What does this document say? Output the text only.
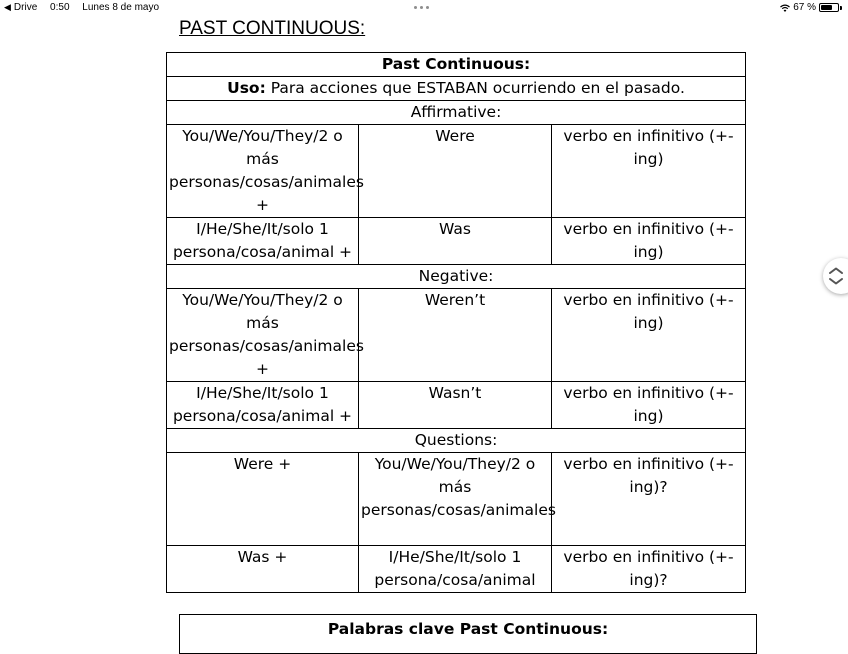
◀ Drive 0:50 Lunes 8 de mayo	67 %
PAST CONTINUOUS:
Past Continuous:		
Uso: Para acciones que ESTABAN ocurriendo en el pasado.		
Affirmative:		
You/We/You/They/2 o más personas/cosas/animales +	Were	verbo en infinitivo (+-ing)
I/He/She/It/solo 1 persona/cosa/animal +	Was	verbo en infinitivo (+-ing)
Negative:		
You/We/You/They/2 o más personas/cosas/animales +	Weren’t	verbo en infinitivo (+-ing)
I/He/She/It/solo 1 persona/cosa/animal +	Wasn’t	verbo en infinitivo (+-ing)
Questions:		
Were +	You/We/You/They/2 o más personas/cosas/animales	verbo en infinitivo (+-ing)?
Was +	I/He/She/It/solo 1 persona/cosa/animal	verbo en infinitivo (+-ing)?
Palabras clave Past Continuous:
